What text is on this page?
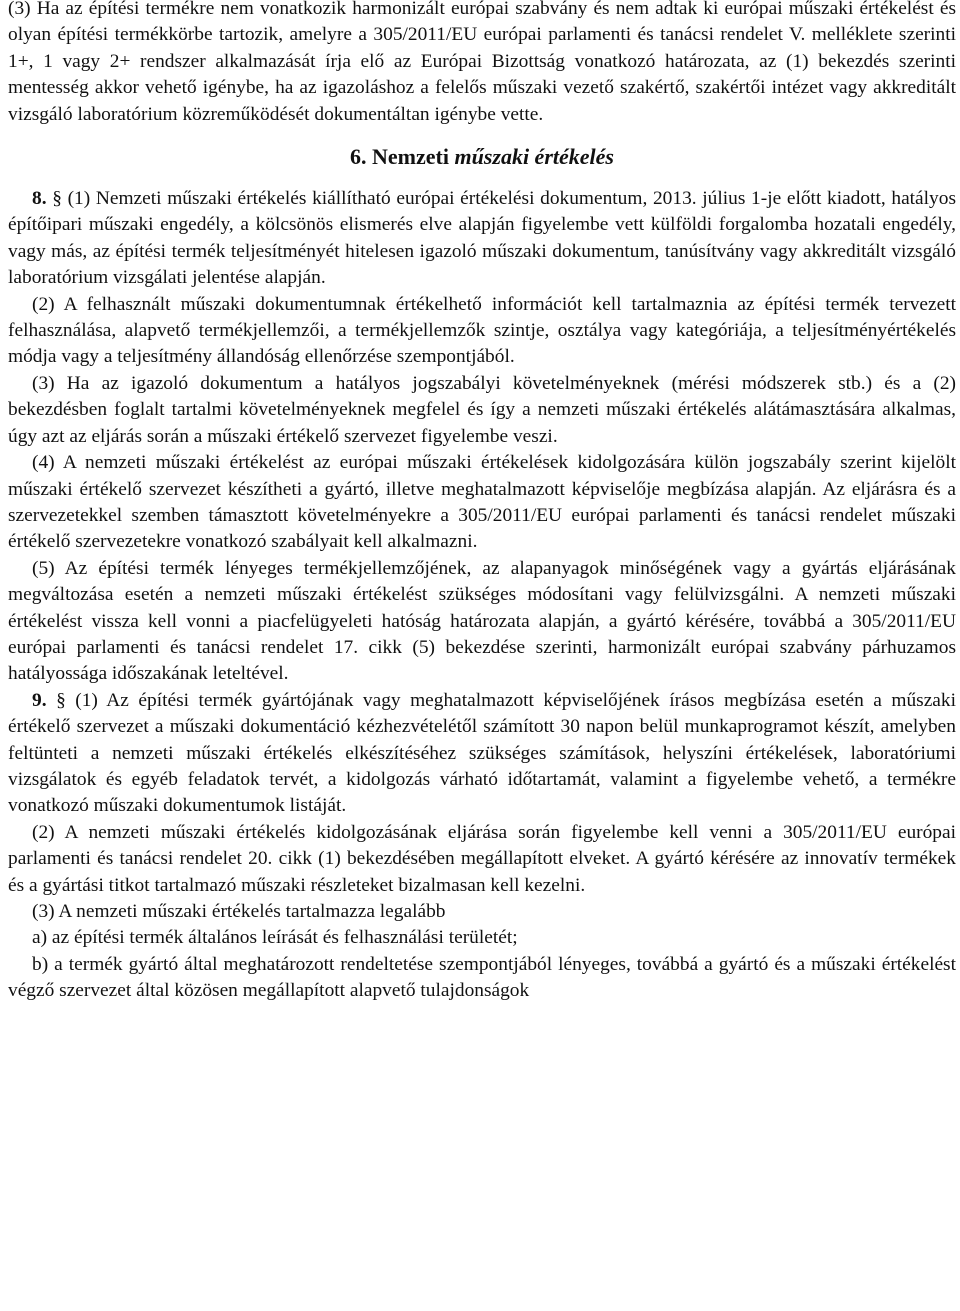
(3) Ha az építési termékre nem vonatkozik harmonizált európai szabvány és nem adtak ki európai műszaki értékelést és olyan építési termékkörbe tartozik, amelyre a 305/2011/EU európai parlamenti és tanácsi rendelet V. melléklete szerinti 1+, 1 vagy 2+ rendszer alkalmazását írja elő az Európai Bizottság vonatkozó határozata, az (1) bekezdés szerinti mentesség akkor vehető igénybe, ha az igazoláshoz a felelős műszaki vezető szakértő, szakértői intézet vagy akkreditált vizsgáló laboratórium közreműködését dokumentáltan igénybe vette.

6. Nemzeti műszaki értékelés

8. § (1) Nemzeti műszaki értékelés kiállítható európai értékelési dokumentum, 2013. július 1-je előtt kiadott, hatályos építőipari műszaki engedély, a kölcsönös elismerés elve alapján figyelembe vett külföldi forgalomba hozatali engedély, vagy más, az építési termék teljesítményét hitelesen igazoló műszaki dokumentum, tanúsítvány vagy akkreditált vizsgáló laboratórium vizsgálati jelentése alapján.

(2) A felhasznált műszaki dokumentumnak értékelhető információt kell tartalmaznia az építési termék tervezett felhasználása, alapvető termékjellemzői, a termékjellemzők szintje, osztálya vagy kategóriája, a teljesítményértékelés módja vagy a teljesítmény állandóság ellenőrzése szempontjából.

(3) Ha az igazoló dokumentum a hatályos jogszabályi követelményeknek (mérési módszerek stb.) és a (2) bekezdésben foglalt tartalmi követelményeknek megfelel és így a nemzeti műszaki értékelés alátámasztására alkalmas, úgy azt az eljárás során a műszaki értékelő szervezet figyelembe veszi.

(4) A nemzeti műszaki értékelést az európai műszaki értékelések kidolgozására külön jogszabály szerint kijelölt műszaki értékelő szervezet készítheti a gyártó, illetve meghatalmazott képviselője megbízása alapján. Az eljárásra és a szervezetekkel szemben támasztott követelményekre a 305/2011/EU európai parlamenti és tanácsi rendelet műszaki értékelő szervezetekre vonatkozó szabályait kell alkalmazni.

(5) Az építési termék lényeges termékjellemzőjének, az alapanyagok minőségének vagy a gyártás eljárásának megváltozása esetén a nemzeti műszaki értékelést szükséges módosítani vagy felülvizsgálni. A nemzeti műszaki értékelést vissza kell vonni a piacfelügyeleti hatóság határozata alapján, a gyártó kérésére, továbbá a 305/2011/EU európai parlamenti és tanácsi rendelet 17. cikk (5) bekezdése szerinti, harmonizált európai szabvány párhuzamos hatályossága időszakának leteltével.

9. § (1) Az építési termék gyártójának vagy meghatalmazott képviselőjének írásos megbízása esetén a műszaki értékelő szervezet a műszaki dokumentáció kézhezvételétől számított 30 napon belül munkaprogramot készít, amelyben feltünteti a nemzeti műszaki értékelés elkészítéséhez szükséges számítások, helyszíni értékelések, laboratóriumi vizsgálatok és egyéb feladatok tervét, a kidolgozás várható időtartamát, valamint a figyelembe vehető, a termékre vonatkozó műszaki dokumentumok listáját.

(2) A nemzeti műszaki értékelés kidolgozásának eljárása során figyelembe kell venni a 305/2011/EU európai parlamenti és tanácsi rendelet 20. cikk (1) bekezdésében megállapított elveket. A gyártó kérésére az innovatív termékek és a gyártási titkot tartalmazó műszaki részleteket bizalmasan kell kezelni.

(3) A nemzeti műszaki értékelés tartalmazza legalább

a) az építési termék általános leírását és felhasználási területét;

b) a termék gyártó által meghatározott rendeltetése szempontjából lényeges, továbbá a gyártó és a műszaki értékelést végző szervezet által közösen megállapított alapvető tulajdonságok
